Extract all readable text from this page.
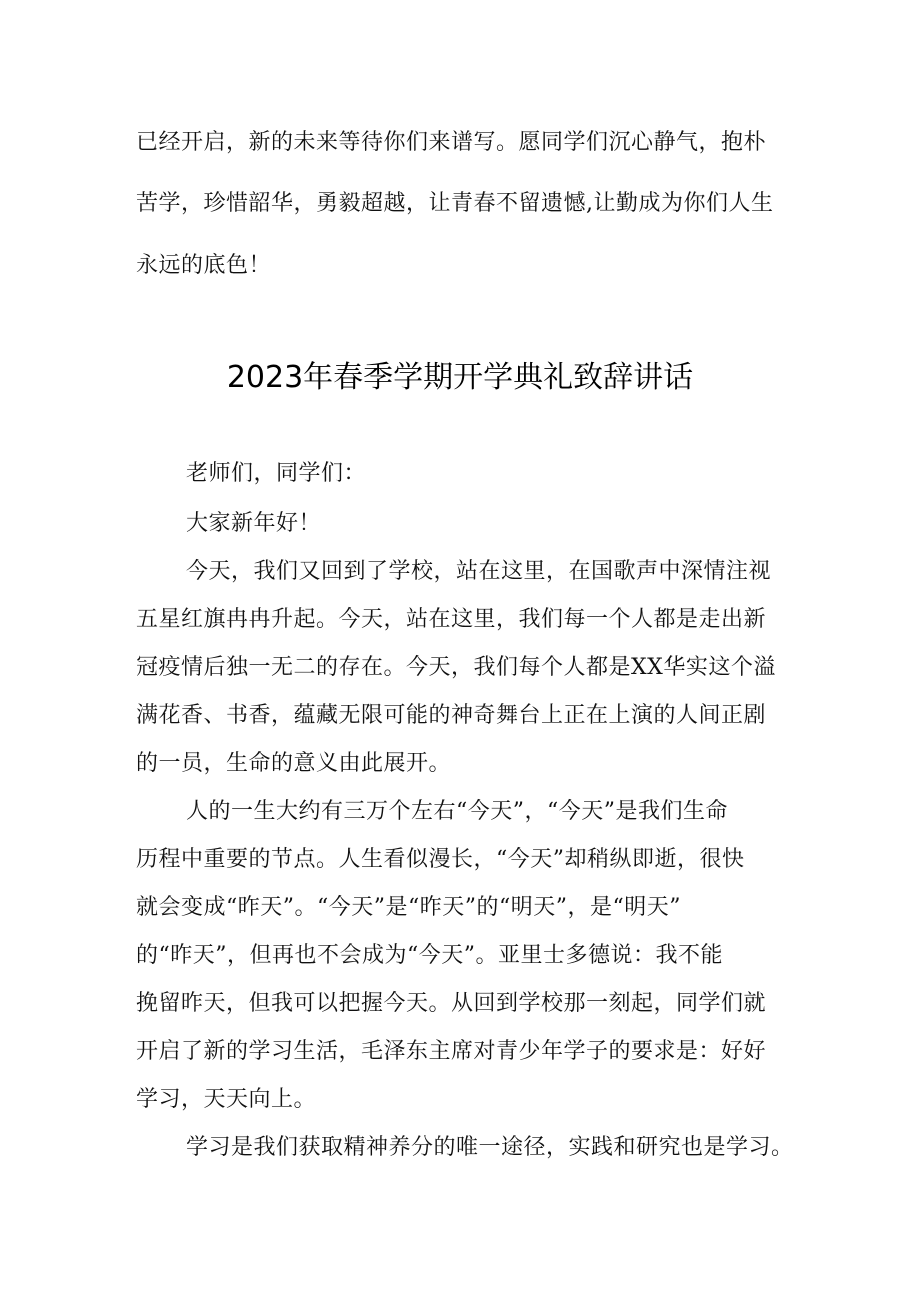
已经开启，新的未来等待你们来谱写。愿同学们沉心静气，抱朴
苦学，珍惜韶华，勇毅超越，让青春不留遗憾,让勤成为你们人生
永远的底色！
2023年春季学期开学典礼致辞讲话
老师们，同学们：
大家新年好！
今天，我们又回到了学校，站在这里，在国歌声中深情注视
五星红旗冉冉升起。今天，站在这里，我们每一个人都是走出新
冠疫情后独一无二的存在。今天，我们每个人都是XX华实这个溢
满花香、书香，蕴藏无限可能的神奇舞台上正在上演的人间正剧
的一员，生命的意义由此展开。
人的一生大约有三万个左右“今天”，“今天”是我们生命
历程中重要的节点。人生看似漫长，“今天”却稍纵即逝，很快
就会变成“昨天”。“今天”是“昨天”的“明天”，是“明天”
的“昨天”，但再也不会成为“今天”。亚里士多德说：我不能
挽留昨天，但我可以把握今天。从回到学校那一刻起，同学们就
开启了新的学习生活，毛泽东主席对青少年学子的要求是：好好
学习，天天向上。
学习是我们获取精神养分的唯一途径，实践和研究也是学习。
